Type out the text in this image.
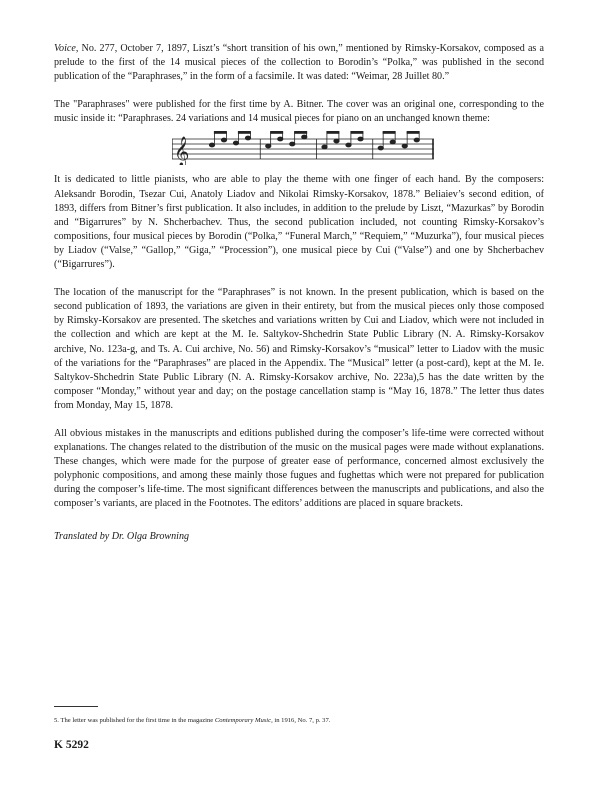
Voice, No. 277, October 7, 1897, Liszt’s “short transition of his own,” mentioned by Rimsky-Korsakov, composed as a prelude to the first of the 14 musical pieces of the collection to Borodin’s “Polka,” was published in the second publication of the “Paraphrases,” in the form of a facsimile. It was dated: “Weimar, 28 Juillet 80.”

The "Paraphrases" were published for the first time by A. Bitner. The cover was an original one, corresponding to the music inside it: “Paraphrases. 24 variations and 14 musical pieces for piano on an unchanged known theme:

𝄞

It is dedicated to little pianists, who are able to play the theme with one finger of each hand. By the composers: Aleksandr Borodin, Tsezar Cui, Anatoly Liadov and Nikolai Rimsky-Korsakov, 1878.” Beliaiev’s second edition, of 1893, differs from Bitner’s first publication. It also includes, in addition to the prelude by Liszt, “Mazurkas” by Borodin and “Bigarrures” by N. Shcherbachev. Thus, the second publication included, not counting Rimsky-Korsakov’s compositions, four musical pieces by Borodin (“Polka,” “Funeral March,” “Requiem,” “Muzurka”), four musical pieces by Liadov (“Valse,” “Gallop,” “Giga,” “Procession”), one musical piece by Cui (“Valse”) and one by Shcherbachev (“Bigarrures”).

The location of the manuscript for the “Paraphrases” is not known. In the present publication, which is based on the second publication of 1893, the variations are given in their entirety, but from the musical pieces only those composed by Rimsky-Korsakov are presented. The sketches and variations written by Cui and Liadov, which were not included in the collection and which are kept at the M. Ie. Saltykov-Shchedrin State Public Library (N. A. Rimsky-Korsakov archive, No. 123a-g, and Ts. A. Cui archive, No. 56) and Rimsky-Korsakov’s “musical” letter to Liadov with the music of the variations for the “Paraphrases” are placed in the Appendix. The “Musical” letter (a post-card), kept at the M. Ie. Saltykov-Shchedrin State Public Library (N. A. Rimsky-Korsakov archive, No. 223a),5 has the date written by the composer “Monday,” without year and day; on the postage cancellation stamp is “May 16, 1878.” The letter thus dates from Monday, May 15, 1878.

All obvious mistakes in the manuscripts and editions published during the composer’s life-time were corrected without explanations. The changes related to the distribution of the music on the musical pages were made without explanations. These changes, which were made for the purpose of greater ease of performance, concerned almost exclusively the polyphonic compositions, and among these mainly those fugues and fughettas which were not prepared for publication during the composer’s life-time. The most significant differences between the manuscripts and publications, and also the composer’s variants, are placed in the Footnotes. The editors’ additions are placed in square brackets.

Translated by Dr. Olga Browning

5. The letter was published for the first time in the magazine Contemporary Music, in 1916, No. 7, p. 37.

K 5292
